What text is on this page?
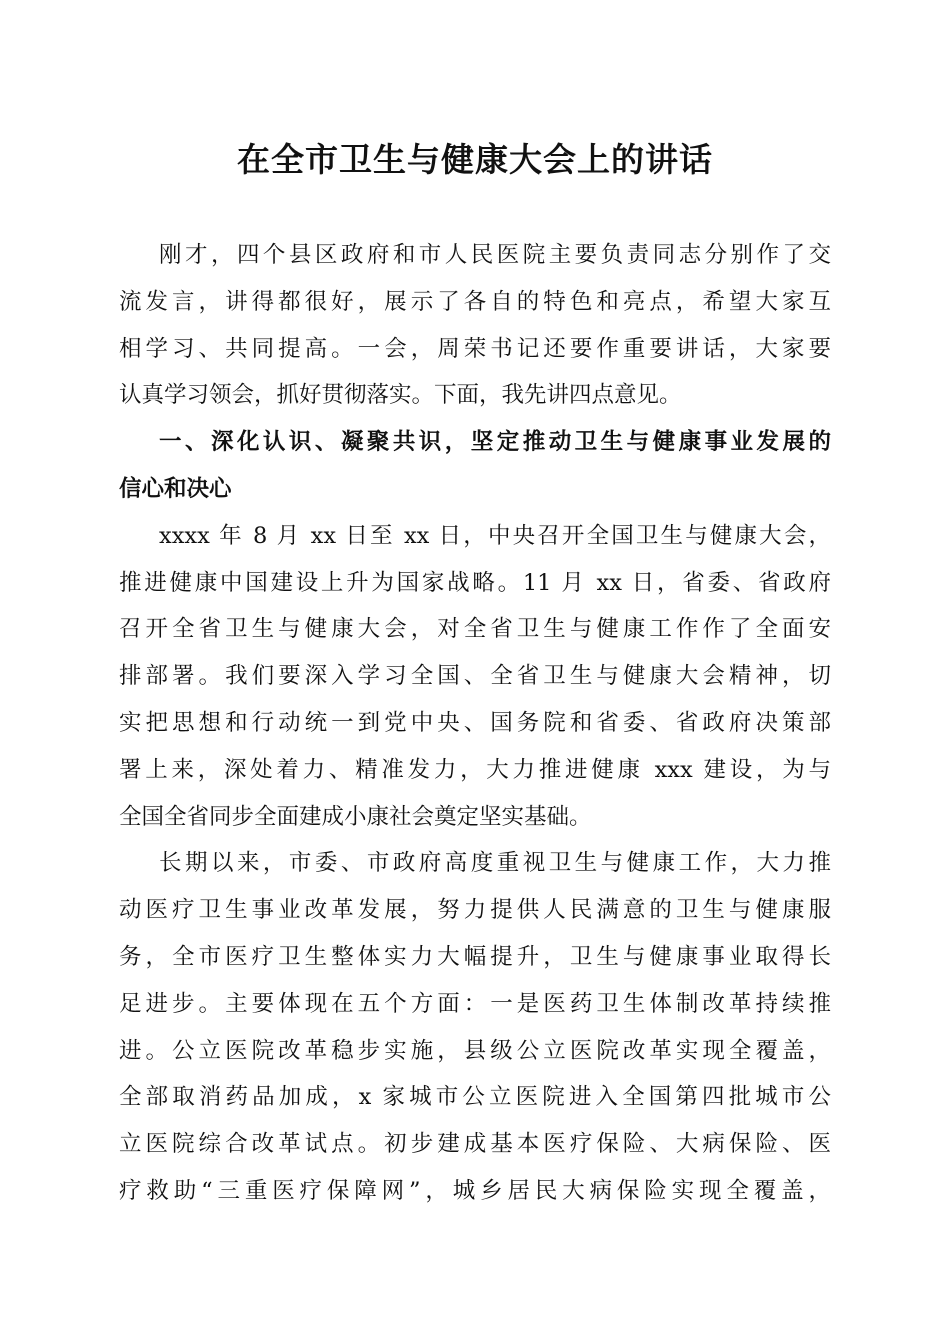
在全市卫生与健康大会上的讲话
刚才，四个县区政府和市人民医院主要负责同志分别作了交
流发言，讲得都很好，展示了各自的特色和亮点，希望大家互
相学习、共同提高。一会，周荣书记还要作重要讲话，大家要
认真学习领会，抓好贯彻落实。下面，我先讲四点意见。
一、深化认识、凝聚共识，坚定推动卫生与健康事业发展的
信心和决心
xxxx 年 8 月 xx 日至 xx 日，中央召开全国卫生与健康大会，
推进健康中国建设上升为国家战略。11 月 xx 日，省委、省政府
召开全省卫生与健康大会，对全省卫生与健康工作作了全面安
排部署。我们要深入学习全国、全省卫生与健康大会精神，切
实把思想和行动统一到党中央、国务院和省委、省政府决策部
署上来，深处着力、精准发力，大力推进健康 xxx 建设，为与
全国全省同步全面建成小康社会奠定坚实基础。
长期以来，市委、市政府高度重视卫生与健康工作，大力推
动医疗卫生事业改革发展，努力提供人民满意的卫生与健康服
务，全市医疗卫生整体实力大幅提升，卫生与健康事业取得长
足进步。主要体现在五个方面：一是医药卫生体制改革持续推
进。公立医院改革稳步实施，县级公立医院改革实现全覆盖，
全部取消药品加成，x 家城市公立医院进入全国第四批城市公
立医院综合改革试点。初步建成基本医疗保险、大病保险、医
疗救助“三重医疗保障网”，城乡居民大病保险实现全覆盖，
